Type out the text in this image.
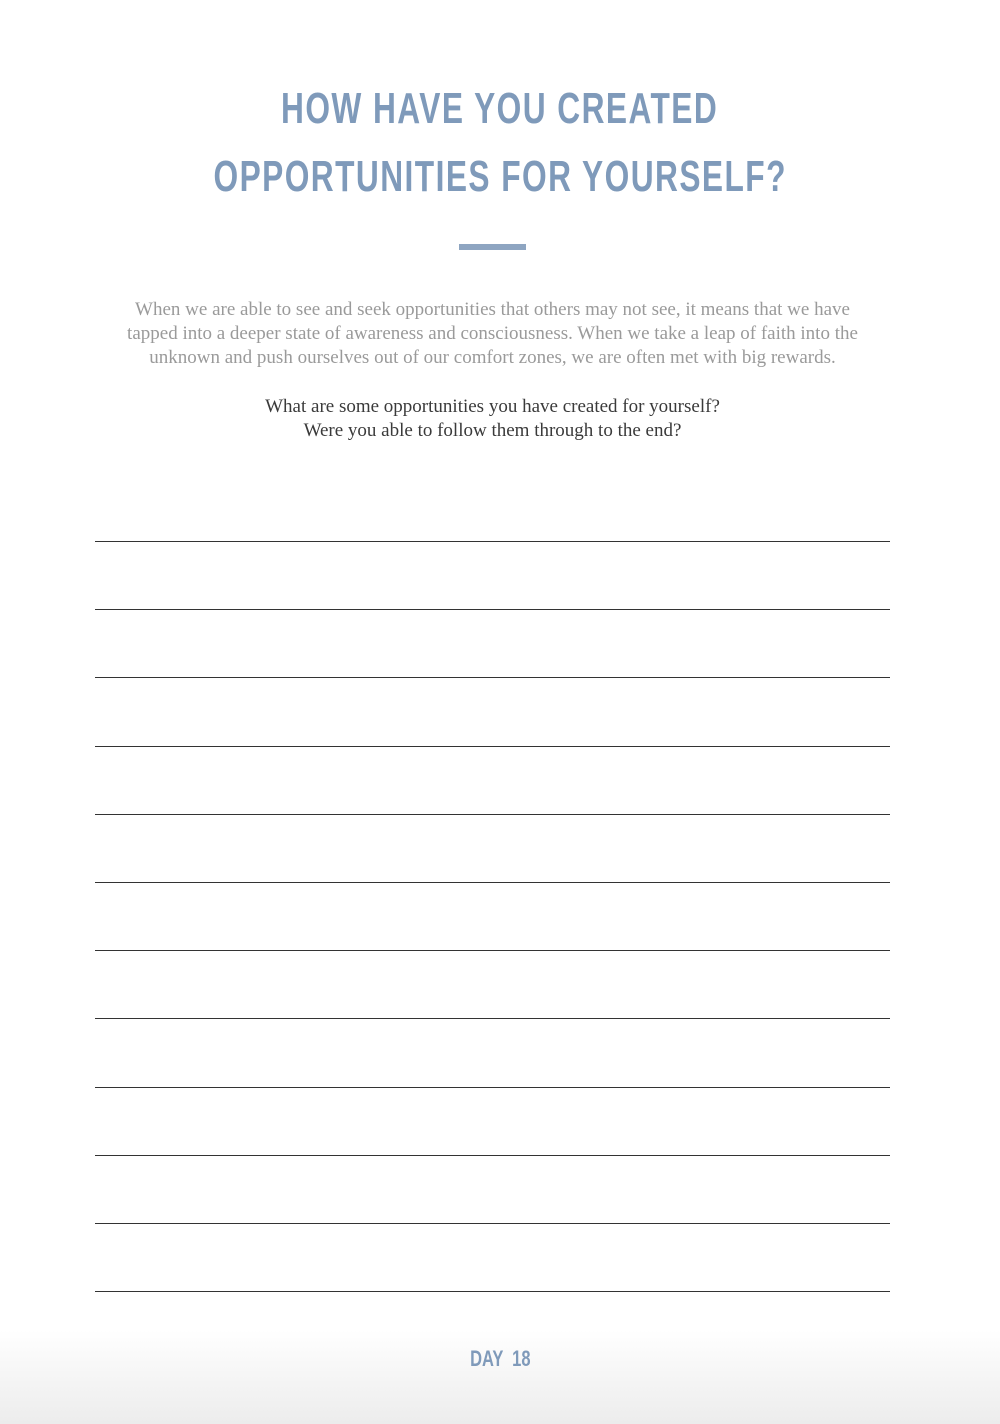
HOW HAVE YOU CREATED
OPPORTUNITIES FOR YOURSELF?
When we are able to see and seek opportunities that others may not see, it means that we have tapped into a deeper state of awareness and consciousness. When we take a leap of faith into the unknown and push ourselves out of our comfort zones, we are often met with big rewards.
What are some opportunities you have created for yourself?
Were you able to follow them through to the end?
DAY 18
